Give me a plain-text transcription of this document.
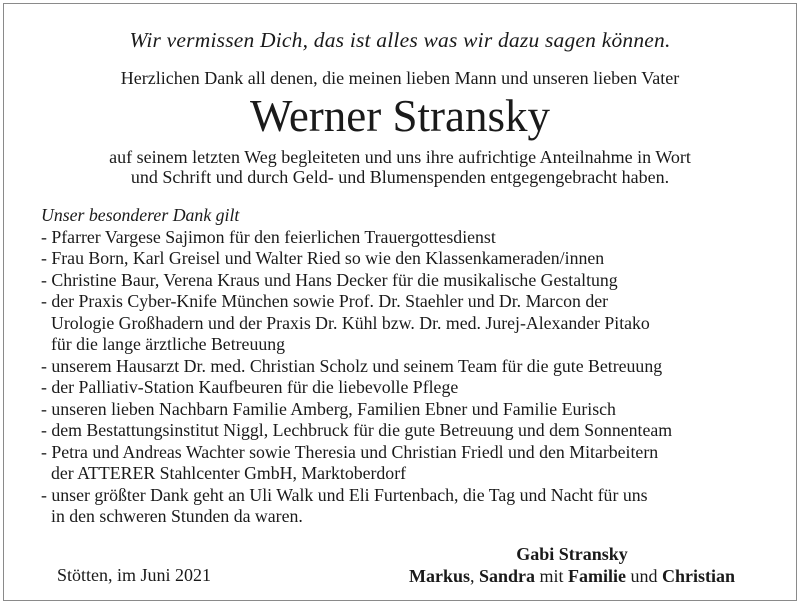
Wir vermissen Dich, das ist alles was wir dazu sagen können.
Herzlichen Dank all denen, die meinen lieben Mann und unseren lieben Vater
Werner Stransky
auf seinem letzten Weg begleiteten und uns ihre aufrichtige Anteilnahme in Wort
und Schrift und durch Geld- und Blumenspenden entgegengebracht haben.
Unser besonderer Dank gilt
- Pfarrer Vargese Sajimon für den feierlichen Trauergottesdienst
- Frau Born, Karl Greisel und Walter Ried so wie den Klassenkameraden/innen
- Christine Baur, Verena Kraus und Hans Decker für die musikalische Gestaltung
- der Praxis Cyber-Knife München sowie Prof. Dr. Staehler und Dr. Marcon der
Urologie Großhadern und der Praxis Dr. Kühl bzw. Dr. med. Jurej-Alexander Pitako
für die lange ärztliche Betreuung
- unserem Hausarzt Dr. med. Christian Scholz und seinem Team für die gute Betreuung
- der Palliativ-Station Kaufbeuren für die liebevolle Pflege
- unseren lieben Nachbarn Familie Amberg, Familien Ebner und Familie Eurisch
- dem Bestattungsinstitut Niggl, Lechbruck für die gute Betreuung und dem Sonnenteam
- Petra und Andreas Wachter sowie Theresia und Christian Friedl und den Mitarbeitern
der ATTERER Stahlcenter GmbH, Marktoberdorf
- unser größter Dank geht an Uli Walk und Eli Furtenbach, die Tag und Nacht für uns
in den schweren Stunden da waren.
Stötten, im Juni 2021
Gabi Stransky
Markus, Sandra mit Familie und Christian
